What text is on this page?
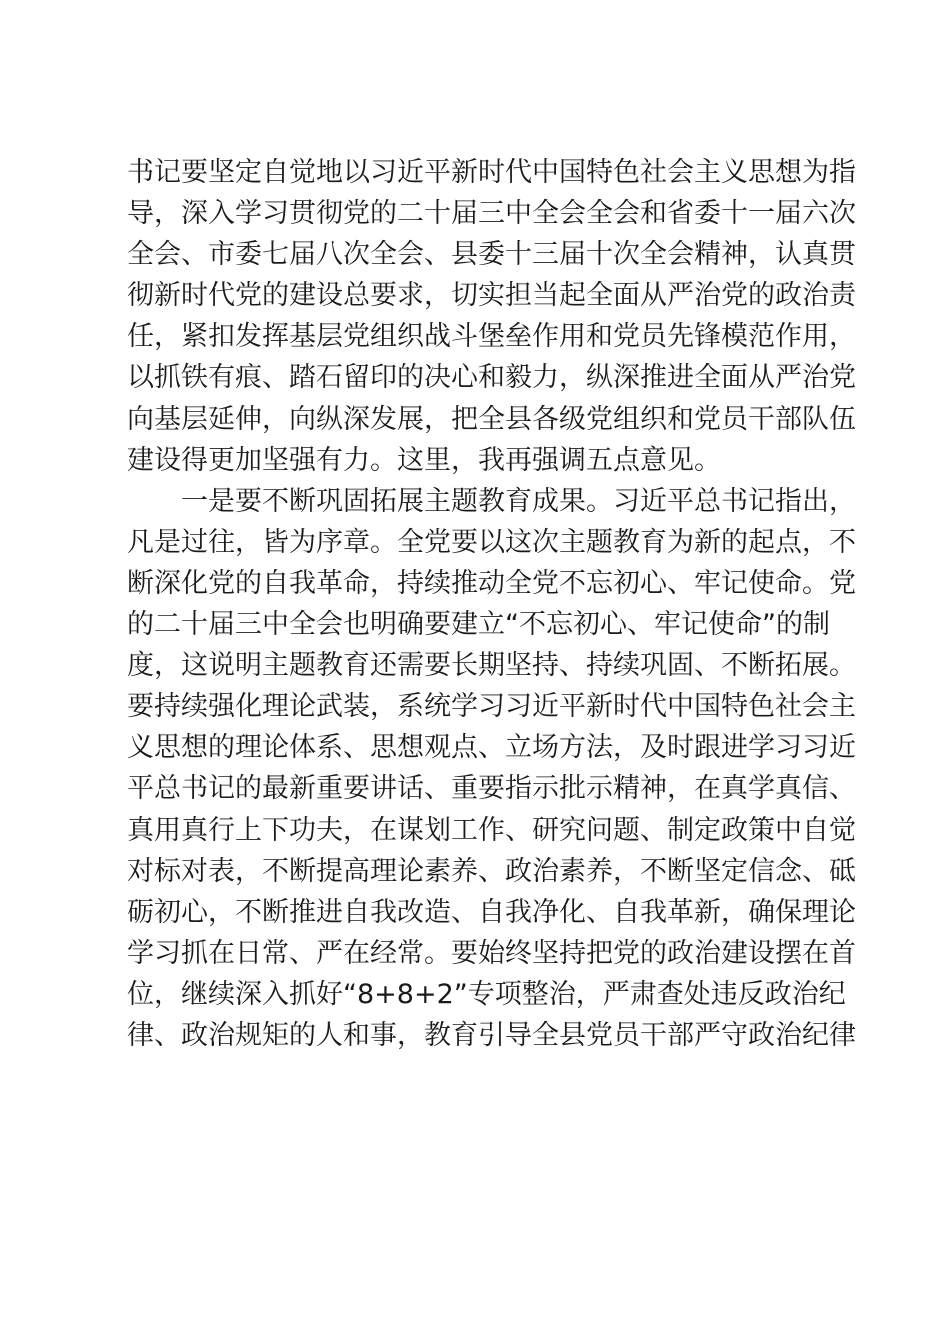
书记要坚定自觉地以习近平新时代中国特色社会主义思想为指
导，深入学习贯彻党的二十届三中全会全会和省委十一届六次
全会、市委七届八次全会、县委十三届十次全会精神，认真贯
彻新时代党的建设总要求，切实担当起全面从严治党的政治责
任，紧扣发挥基层党组织战斗堡垒作用和党员先锋模范作用，
以抓铁有痕、踏石留印的决心和毅力，纵深推进全面从严治党
向基层延伸，向纵深发展，把全县各级党组织和党员干部队伍
建设得更加坚强有力。这里，我再强调五点意见。
一是要不断巩固拓展主题教育成果。习近平总书记指出，
凡是过往，皆为序章。全党要以这次主题教育为新的起点，不
断深化党的自我革命，持续推动全党不忘初心、牢记使命。党
的二十届三中全会也明确要建立“不忘初心、牢记使命”的制
度，这说明主题教育还需要长期坚持、持续巩固、不断拓展。
要持续强化理论武装，系统学习习近平新时代中国特色社会主
义思想的理论体系、思想观点、立场方法，及时跟进学习习近
平总书记的最新重要讲话、重要指示批示精神，在真学真信、
真用真行上下功夫，在谋划工作、研究问题、制定政策中自觉
对标对表，不断提高理论素养、政治素养，不断坚定信念、砥
砺初心，不断推进自我改造、自我净化、自我革新，确保理论
学习抓在日常、严在经常。要始终坚持把党的政治建设摆在首
位，继续深入抓好“8+8+2”专项整治，严肃查处违反政治纪
律、政治规矩的人和事，教育引导全县党员干部严守政治纪律
